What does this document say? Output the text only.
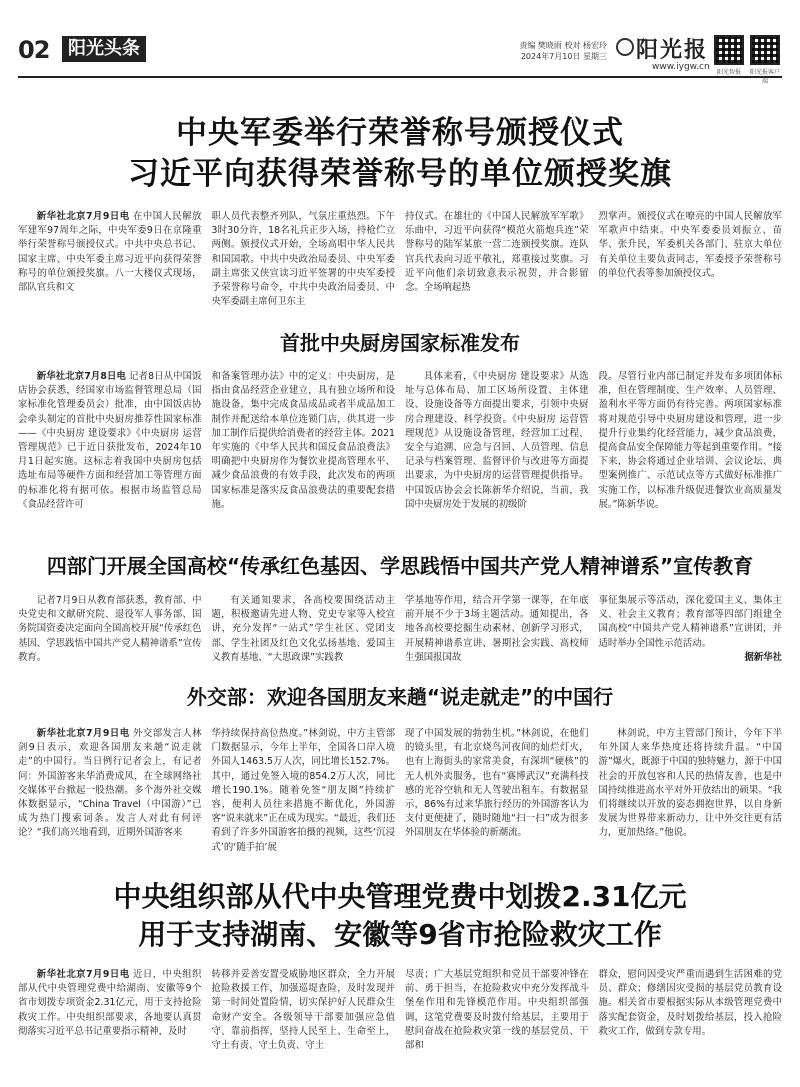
02	阳光头条	责编 樊晓雨 校对 杨宏玲
2024年7月10日 星期三 阳光报
www.iygw.cn
阳光智报	阳光报客户端
中央军委举行荣誉称号颁授仪式
习近平向获得荣誉称号的单位颁授奖旗

新华社北京7月9日电 在中国人民解放军建军97周年之际，中央军委9日在京隆重举行荣誉称号颁授仪式。中共中央总书记、国家主席、中央军委主席习近平向获得荣誉称号的单位颁授奖旗。八一大楼仪式现场，部队官兵和文

职人员代表整齐列队，气氛庄重热烈。下午3时30分许，18名礼兵正步入场，持枪伫立两侧。颁授仪式开始，全场高唱中华人民共和国国歌。中共中央政治局委员、中央军委副主席张又侠宣读习近平签署的中央军委授予荣誉称号命令，中共中央政治局委员、中央军委副主席何卫东主

持仪式。在雄壮的《中国人民解放军军歌》乐曲中，习近平向获得“模范火箭炮兵连”荣誉称号的陆军某旅一营二连颁授奖旗。连队官兵代表向习近平敬礼，郑重接过奖旗。习近平向他们亲切致意表示祝贺，并合影留念。全场响起热

烈掌声。颁授仪式在嘹亮的中国人民解放军军歌声中结束。中央军委委员刘振立、苗华、张升民，军委机关各部门、驻京大单位有关单位主要负责同志，军委授予荣誉称号的单位代表等参加颁授仪式。

首批中央厨房国家标准发布

新华社北京7月8日电 记者8日从中国饭店协会获悉，经国家市场监督管理总局（国家标准化管理委员会）批准，由中国饭店协会牵头制定的首批中央厨房推荐性国家标准——《中央厨房 建设要求》《中央厨房 运营管理规范》已于近日获批发布，2024年10月1日起实施。这标志着我国中央厨房包括选址布局等硬件方面和经营加工等管理方面的标准化将有据可依。根据市场监管总局《食品经营许可

和备案管理办法》中的定义：中央厨房，是指由食品经营企业建立，具有独立场所和设施设备，集中完成食品成品或者半成品加工制作并配送给本单位连锁门店，供其进一步加工制作后提供给消费者的经营主体。2021年实施的《中华人民共和国反食品浪费法》明确把中央厨房作为餐饮业提高管理水平、减少食品浪费的有效手段，此次发布的两项国家标准是落实反食品浪费法的重要配套措施。

具体来看，《中央厨房 建设要求》从选址与总体布局、加工区场所设置、主体建设、设施设备等方面提出要求，引领中央厨房合理建设、科学投资。《中央厨房 运营管理规范》从设施设备管理、经营加工过程、安全与追溯、应急与召回、人员管理、信息记录与档案管理、监督评价与改进等方面提出要求，为中央厨房的运营管理提供指导。中国饭店协会会长陈新华介绍说，当前，我国中央厨房处于发展的初级阶

段。尽管行业内部已制定并发布多项团体标准，但在管理制度、生产效率、人员管理、盈利水平等方面仍有待完善。两项国家标准将对规范引导中央厨房建设和管理，进一步提升行业集约化经营能力，减少食品浪费，提高食品安全保障能力等起到重要作用。“接下来，协会将通过企业培训、会议论坛、典型案例推广、示范试点等方式做好标准推广实施工作，以标准升级促进餐饮业高质量发展。”陈新华说。

四部门开展全国高校“传承红色基因、学思践悟中国共产党人精神谱系”宣传教育

记者7月9日从教育部获悉，教育部、中央党史和文献研究院、退役军人事务部、国务院国资委决定面向全国高校开展“传承红色基因、学思践悟中国共产党人精神谱系”宣传教育。

有关通知要求，各高校要围绕活动主题，积极邀请先进人物、党史专家等入校宣讲，充分发挥“一站式”学生社区、党团支部、学生社团及红色文化弘扬基地、爱国主义教育基地、“大思政课”实践教

学基地等作用，结合开学第一课等，在年底前开展不少于3场主题活动。通知提出，各地各高校要挖掘生动素材、创新学习形式，开展精神谱系宣讲、暑期社会实践、高校师生强国报国故

事征集展示等活动，深化爱国主义、集体主义、社会主义教育；教育部等四部门组建全国高校“中国共产党人精神谱系”宣讲团，并适时举办全国性示范活动。

据新华社
外交部：欢迎各国朋友来趟“说走就走”的中国行

新华社北京7月9日电 外交部发言人林剑9日表示，欢迎各国朋友来趟“说走就走”的中国行。当日例行记者会上，有记者问：外国游客来华消费成风，在全球网络社交媒体平台掀起一股热潮。多个海外社交媒体数据显示，“China Travel（中国游）”已成为热门搜索词条。发言人对此有何评论？“我们高兴地看到，近期外国游客来

华持续保持高位热度。”林剑说，中方主管部门数据显示，今年上半年，全国各口岸入境外国人1463.5万人次，同比增长152.7%。其中，通过免签入境的854.2万人次，同比增长190.1%。随着免签“朋友圈”持续扩容，便利人员往来措施不断优化，外国游客“说来就来”正在成为现实。“最近，我们还看到了许多外国游客拍摄的视频，这些‘沉浸式’的‘随手拍’展

现了中国发展的勃勃生机。”林剑说，在他们的镜头里，有北京烧鸟河夜间的灿烂灯火，也有上海街头的家常美食，有深圳“硬核”的无人机外卖服务，也有“赛博武汉”充满科技感的光谷空轨和无人驾驶出租车。有数据显示，86%有过来华旅行经历的外国游客认为支付更便捷了，随时随地“扫一扫”成为很多外国朋友在华体验的新潮流。

林剑说，中方主管部门预计，今年下半年外国人来华热度还将持续升温。“中国游”爆火，既源于中国的独特魅力，源于中国社会的开放包容和人民的热情友善，也是中国持续推进高水平对外开放结出的硕果。“我们将继续以开放的姿态拥抱世界，以自身新发展为世界带来新动力，让中外交往更有活力，更加热络。”他说。

中央组织部从代中央管理党费中划拨2.31亿元
用于支持湖南、安徽等9省市抢险救灾工作

新华社北京7月9日电 近日，中央组织部从代中央管理党费中给湖南、安徽等9个省市划拨专项资金2.31亿元，用于支持抢险救灾工作。中央组织部要求，各地要认真贯彻落实习近平总书记重要指示精神，及时

转移并妥善安置受威胁地区群众，全力开展抢险救援工作，加强巡堤查险，及时发现并第一时间处置险情，切实保护好人民群众生命财产安全。各级领导干部要加强应急值守、靠前指挥，坚持人民至上、生命至上，守土有责、守土负责、守土

尽责；广大基层党组织和党员干部要冲锋在前、勇于担当，在抢险救灾中充分发挥战斗堡垒作用和先锋模范作用。中央组织部强调，这笔党费要及时拨付给基层，主要用于慰问奋战在抢险救灾第一线的基层党员、干部和

群众，慰问因受灾严重而遇到生活困难的党员、群众；修缮因灾受损的基层党员教育设施。相关省市要根据实际从本级管理党费中落实配套资金，及时划拨给基层，投入抢险救灾工作，做到专款专用。
